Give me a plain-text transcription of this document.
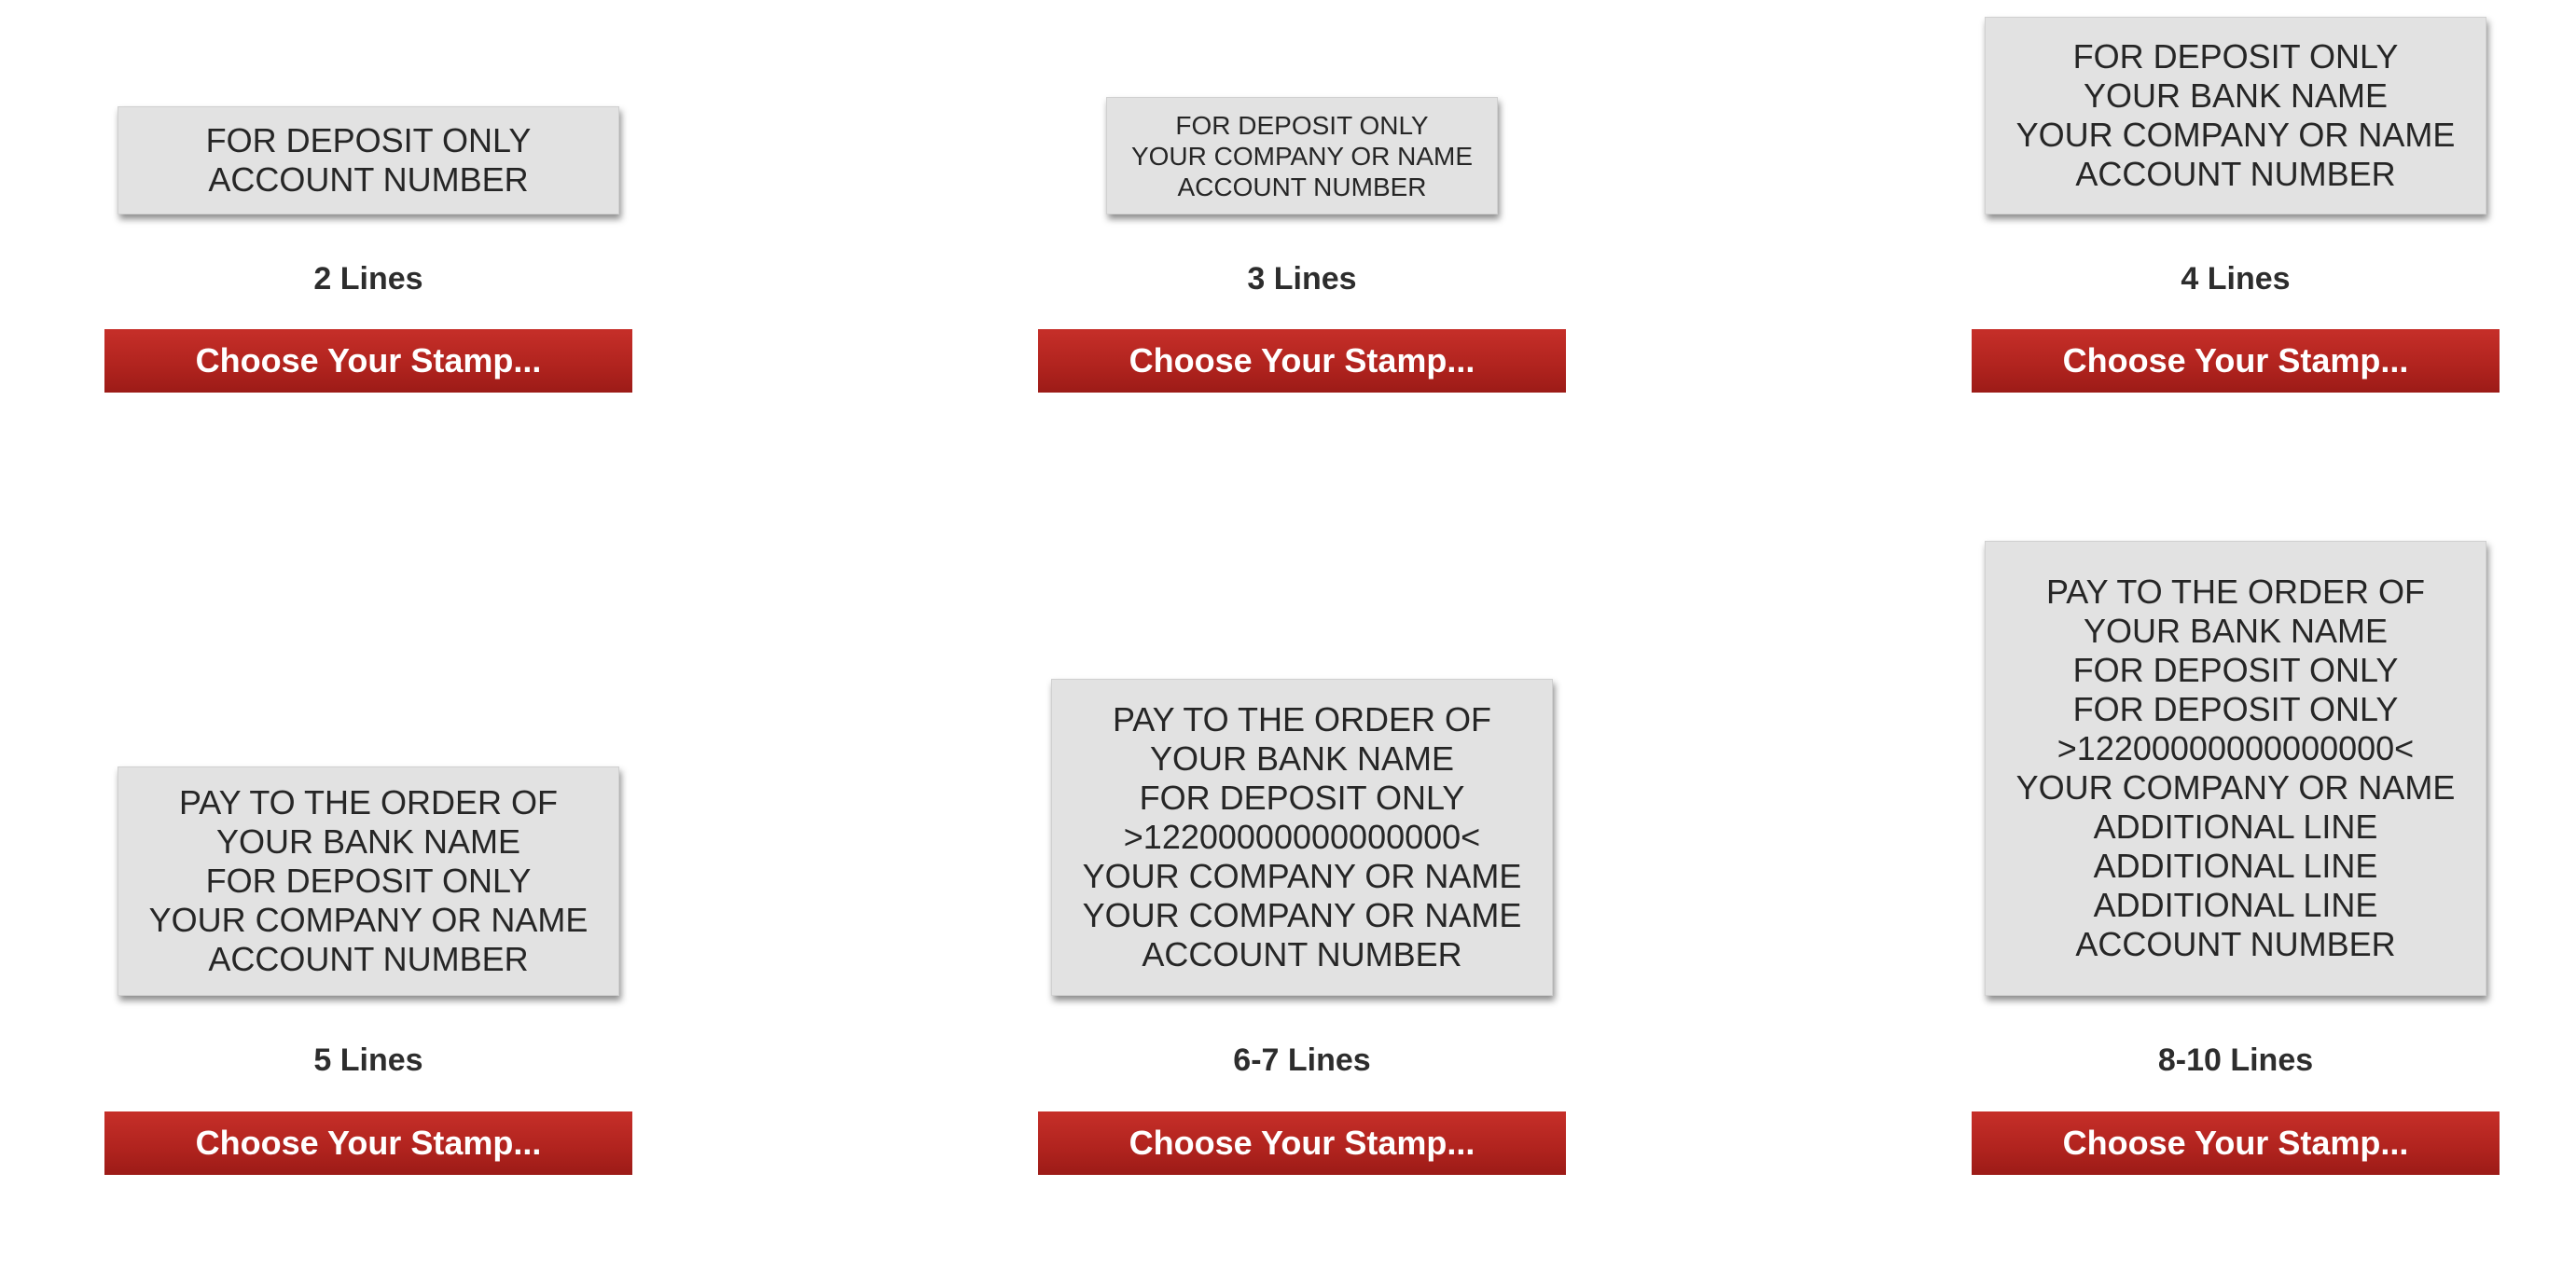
FOR DEPOSIT ONLY
ACCOUNT NUMBER
2 Lines
Choose Your Stamp...
FOR DEPOSIT ONLY
YOUR COMPANY OR NAME
ACCOUNT NUMBER
3 Lines
Choose Your Stamp...
FOR DEPOSIT ONLY
YOUR BANK NAME
YOUR COMPANY OR NAME
ACCOUNT NUMBER
4 Lines
Choose Your Stamp...
PAY TO THE ORDER OF
YOUR BANK NAME
FOR DEPOSIT ONLY
YOUR COMPANY OR NAME
ACCOUNT NUMBER
5 Lines
Choose Your Stamp...
PAY TO THE ORDER OF
YOUR BANK NAME
FOR DEPOSIT ONLY
>12200000000000000<
YOUR COMPANY OR NAME
YOUR COMPANY OR NAME
ACCOUNT NUMBER
6-7 Lines
Choose Your Stamp...
PAY TO THE ORDER OF
YOUR BANK NAME
FOR DEPOSIT ONLY
FOR DEPOSIT ONLY
>12200000000000000<
YOUR COMPANY OR NAME
ADDITIONAL LINE
ADDITIONAL LINE
ADDITIONAL LINE
ACCOUNT NUMBER
8-10 Lines
Choose Your Stamp...
